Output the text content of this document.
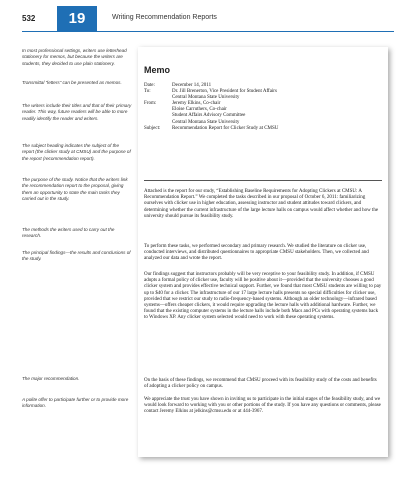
532	19	Writing Recommendation Reports
In most professional settings, writers use letterhead stationery for memos, but because the writers are students, they decided to use plain stationery.
Transmittal “letters” can be presented as memos.
The writers include their titles and that of their primary reader. This way, future readers will be able to more readily identify the reader and writers.
The subject heading indicates the subject of the report (the clicker study at CMSU) and the purpose of the report (recommendation report).
The purpose of the study. Notice that the writers link the recommendation report to the proposal, giving them an opportunity to state the main tasks they carried out in the study.
The methods the writers used to carry out the research.
The principal findings—the results and conclusions of the study.
The major recommendation.
A polite offer to participate further or to provide more information.
Memo
Date:	December 14, 2011
To:	Dr. Jill Brenerton, Vice President for Student Affairs
Central Montana State University
From:	Jeremy Elkins, Co-chair
Eloise Carruthers, Co-chair
Student Affairs Advisory Committee
Central Montana State University
Subject:	Recommendation Report for Clicker Study at CMSU

Attached is the report for our study, “Establishing Baseline Requirements for Adopting Clickers at CMSU: A Recommendation Report.” We completed the tasks described in our proposal of October 6, 2011: familiarizing ourselves with clicker use in higher education, assessing instructor and student attitudes toward clickers, and determining whether the current infrastructure of the large lecture halls on campus would affect whether and how the university should pursue its feasibility study.

To perform these tasks, we performed secondary and primary research. We studied the literature on clicker use, conducted interviews, and distributed questionnaires to appropriate CMSU stakeholders. Then, we collected and analyzed our data and wrote the report.

Our findings suggest that instructors probably will be very receptive to your feasibility study. In addition, if CMSU adopts a formal policy of clicker use, faculty will be positive about it—provided that the university chooses a good clicker system and provides effective technical support. Further, we found that most CMSU students are willing to pay up to $40 for a clicker. The infrastructure of our 17 large lecture halls presents no special difficulties for clicker use, provided that we restrict our study to radio-frequency-based systems. Although an older technology—infrared based systems—offers cheaper clickers, it would require upgrading the lecture halls with additional hardware. Further, we found that the existing computer systems in the lecture halls include both Macs and PCs with operating systems back to Windows XP. Any clicker system selected would need to work with these operating systems.

On the basis of these findings, we recommend that CMSU proceed with its feasibility study of the costs and benefits of adopting a clicker policy on campus.

We appreciate the trust you have shown in inviting us to participate in the initial stages of the feasibility study, and we would look forward to working with you or other portions of the study. If you have any questions or comments, please contact Jeremy Elkins at jelkins@cmsu.edu or at 444-3967.
